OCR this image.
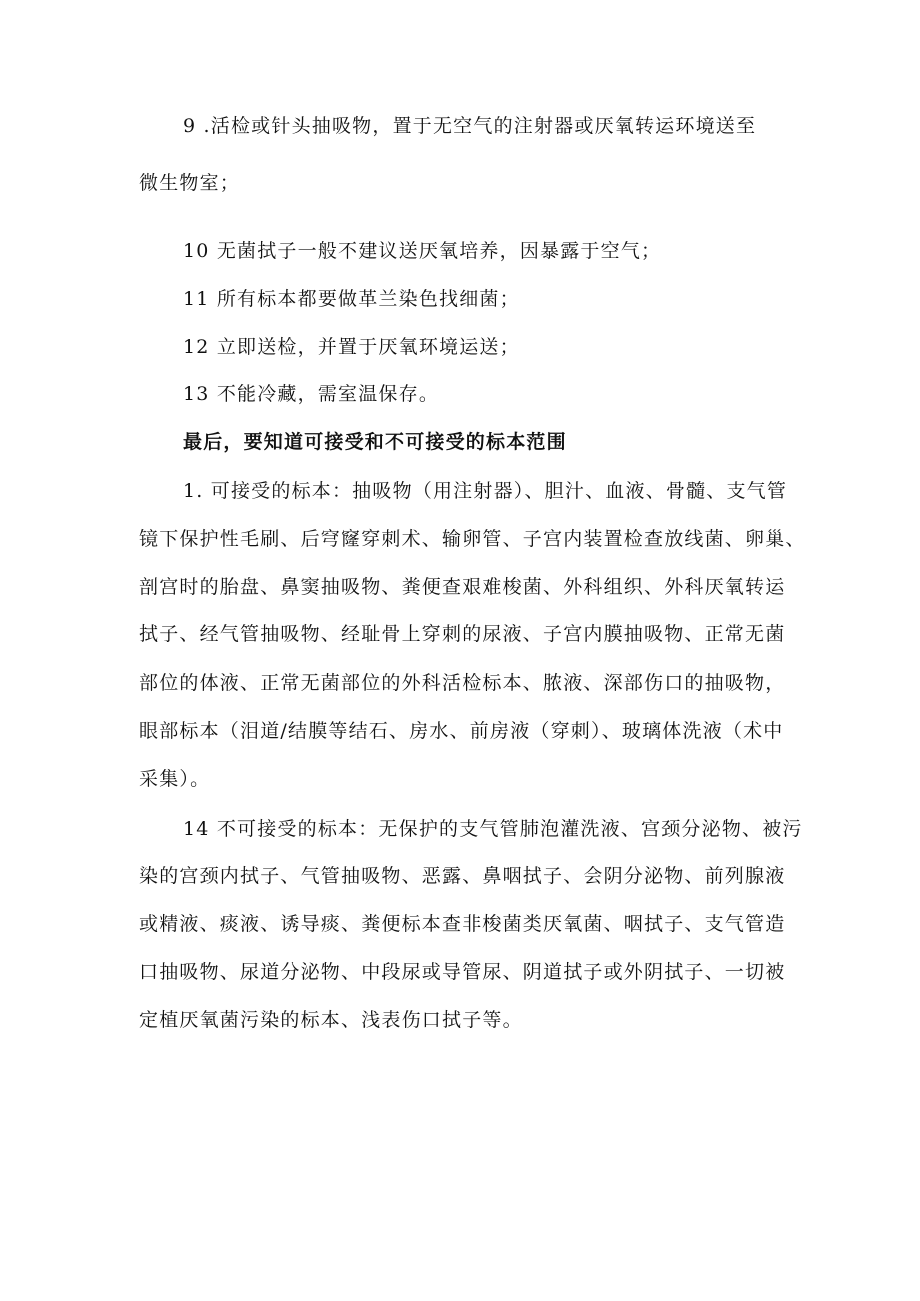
9 .活检或针头抽吸物，置于无空气的注射器或厌氧转运环境送至
微生物室；
10 无菌拭子一般不建议送厌氧培养，因暴露于空气；
11 所有标本都要做革兰染色找细菌；
12 立即送检，并置于厌氧环境运送；
13 不能冷藏，需室温保存。
最后，要知道可接受和不可接受的标本范围
1. 可接受的标本：抽吸物（用注射器）、胆汁、血液、骨髓、支气管
镜下保护性毛刷、后穹窿穿刺术、输卵管、子宫内装置检查放线菌、卵巢、
剖宫时的胎盘、鼻窦抽吸物、粪便查艰难梭菌、外科组织、外科厌氧转运
拭子、经气管抽吸物、经耻骨上穿刺的尿液、子宫内膜抽吸物、正常无菌
部位的体液、正常无菌部位的外科活检标本、脓液、深部伤口的抽吸物，
眼部标本（泪道/结膜等结石、房水、前房液（穿刺）、玻璃体洗液（术中
采集）。
14 不可接受的标本：无保护的支气管肺泡灌洗液、宫颈分泌物、被污
染的宫颈内拭子、气管抽吸物、恶露、鼻咽拭子、会阴分泌物、前列腺液
或精液、痰液、诱导痰、粪便标本查非梭菌类厌氧菌、咽拭子、支气管造
口抽吸物、尿道分泌物、中段尿或导管尿、阴道拭子或外阴拭子、一切被
定植厌氧菌污染的标本、浅表伤口拭子等。
